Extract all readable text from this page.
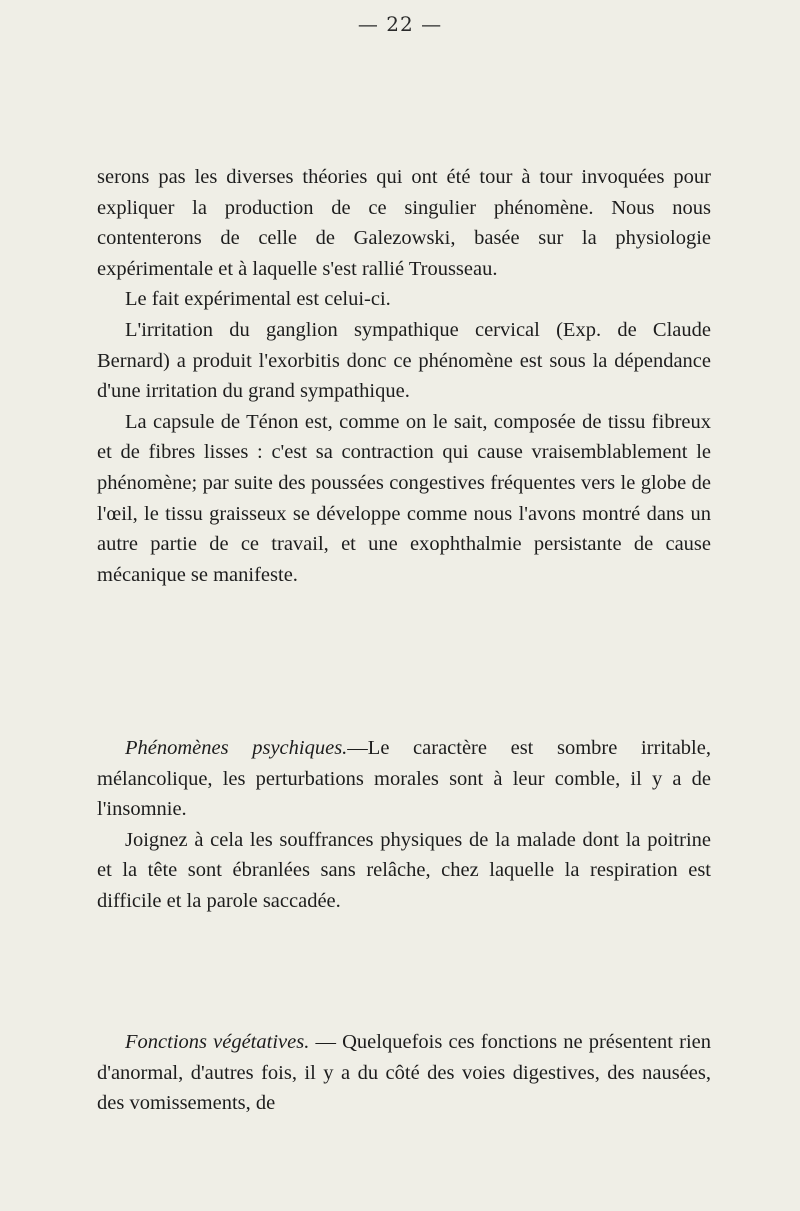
— 22 —

serons pas les diverses théories qui ont été tour à tour invoquées pour expliquer la production de ce singulier phénomène. Nous nous contenterons de celle de Galezowski, basée sur la physiologie expérimentale et à laquelle s'est rallié Trousseau.

Le fait expérimental est celui-ci.

L'irritation du ganglion sympathique cervical (Exp. de Claude Bernard) a produit l'exorbitis donc ce phénomène est sous la dépendance d'une irritation du grand sympathique.

La capsule de Ténon est, comme on le sait, composée de tissu fibreux et de fibres lisses : c'est sa contraction qui cause vraisemblablement le phénomène; par suite des poussées congestives fréquentes vers le globe de l'œil, le tissu graisseux se développe comme nous l'avons montré dans un autre partie de ce travail, et une exophthalmie persistante de cause mécanique se manifeste.

Phénomènes psychiques.—Le caractère est sombre irritable, mélancolique, les perturbations morales sont à leur comble, il y a de l'insomnie.

Joignez à cela les souffrances physiques de la malade dont la poitrine et la tête sont ébranlées sans relâche, chez laquelle la respiration est difficile et la parole saccadée.

Fonctions végétatives. — Quelquefois ces fonctions ne présentent rien d'anormal, d'autres fois, il y a du côté des voies digestives, des nausées, des vomissements, de
